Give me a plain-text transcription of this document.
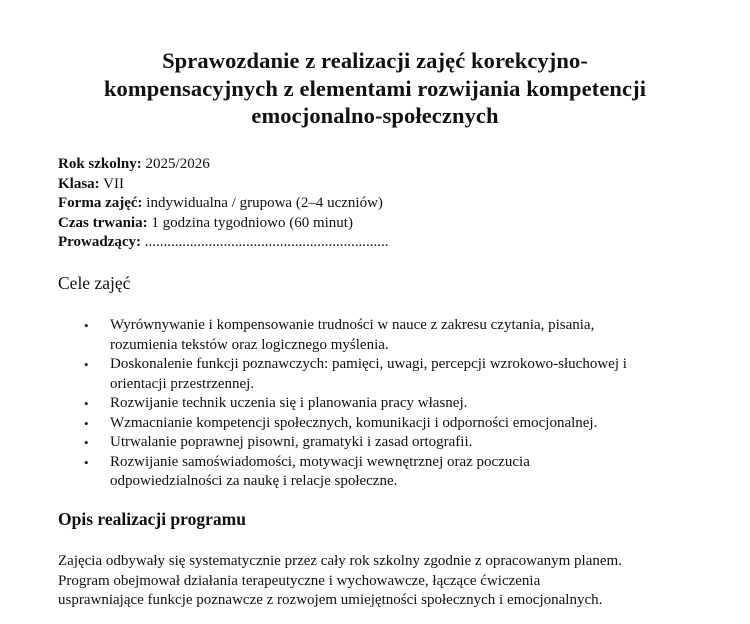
Sprawozdanie z realizacji zajęć korekcyjno-
kompensacyjnych z elementami rozwijania kompetencji
emocjonalno-społecznych
Rok szkolny: 2025/2026
Klasa: VII
Forma zajęć: indywidualna / grupowa (2–4 uczniów)
Czas trwania: 1 godzina tygodniowo (60 minut)
Prowadzący: .................................................................
Cele zajęć
• Wyrównywanie i kompensowanie trudności w nauce z zakresu czytania, pisania,
rozumienia tekstów oraz logicznego myślenia.
• Doskonalenie funkcji poznawczych: pamięci, uwagi, percepcji wzrokowo-słuchowej i
orientacji przestrzennej.
• Rozwijanie technik uczenia się i planowania pracy własnej.
• Wzmacnianie kompetencji społecznych, komunikacji i odporności emocjonalnej.
• Utrwalanie poprawnej pisowni, gramatyki i zasad ortografii.
• Rozwijanie samoświadomości, motywacji wewnętrznej oraz poczucia
odpowiedzialności za naukę i relacje społeczne.
Opis realizacji programu
Zajęcia odbywały się systematycznie przez cały rok szkolny zgodnie z opracowanym planem.
Program obejmował działania terapeutyczne i wychowawcze, łączące ćwiczenia
usprawniające funkcje poznawcze z rozwojem umiejętności społecznych i emocjonalnych.
